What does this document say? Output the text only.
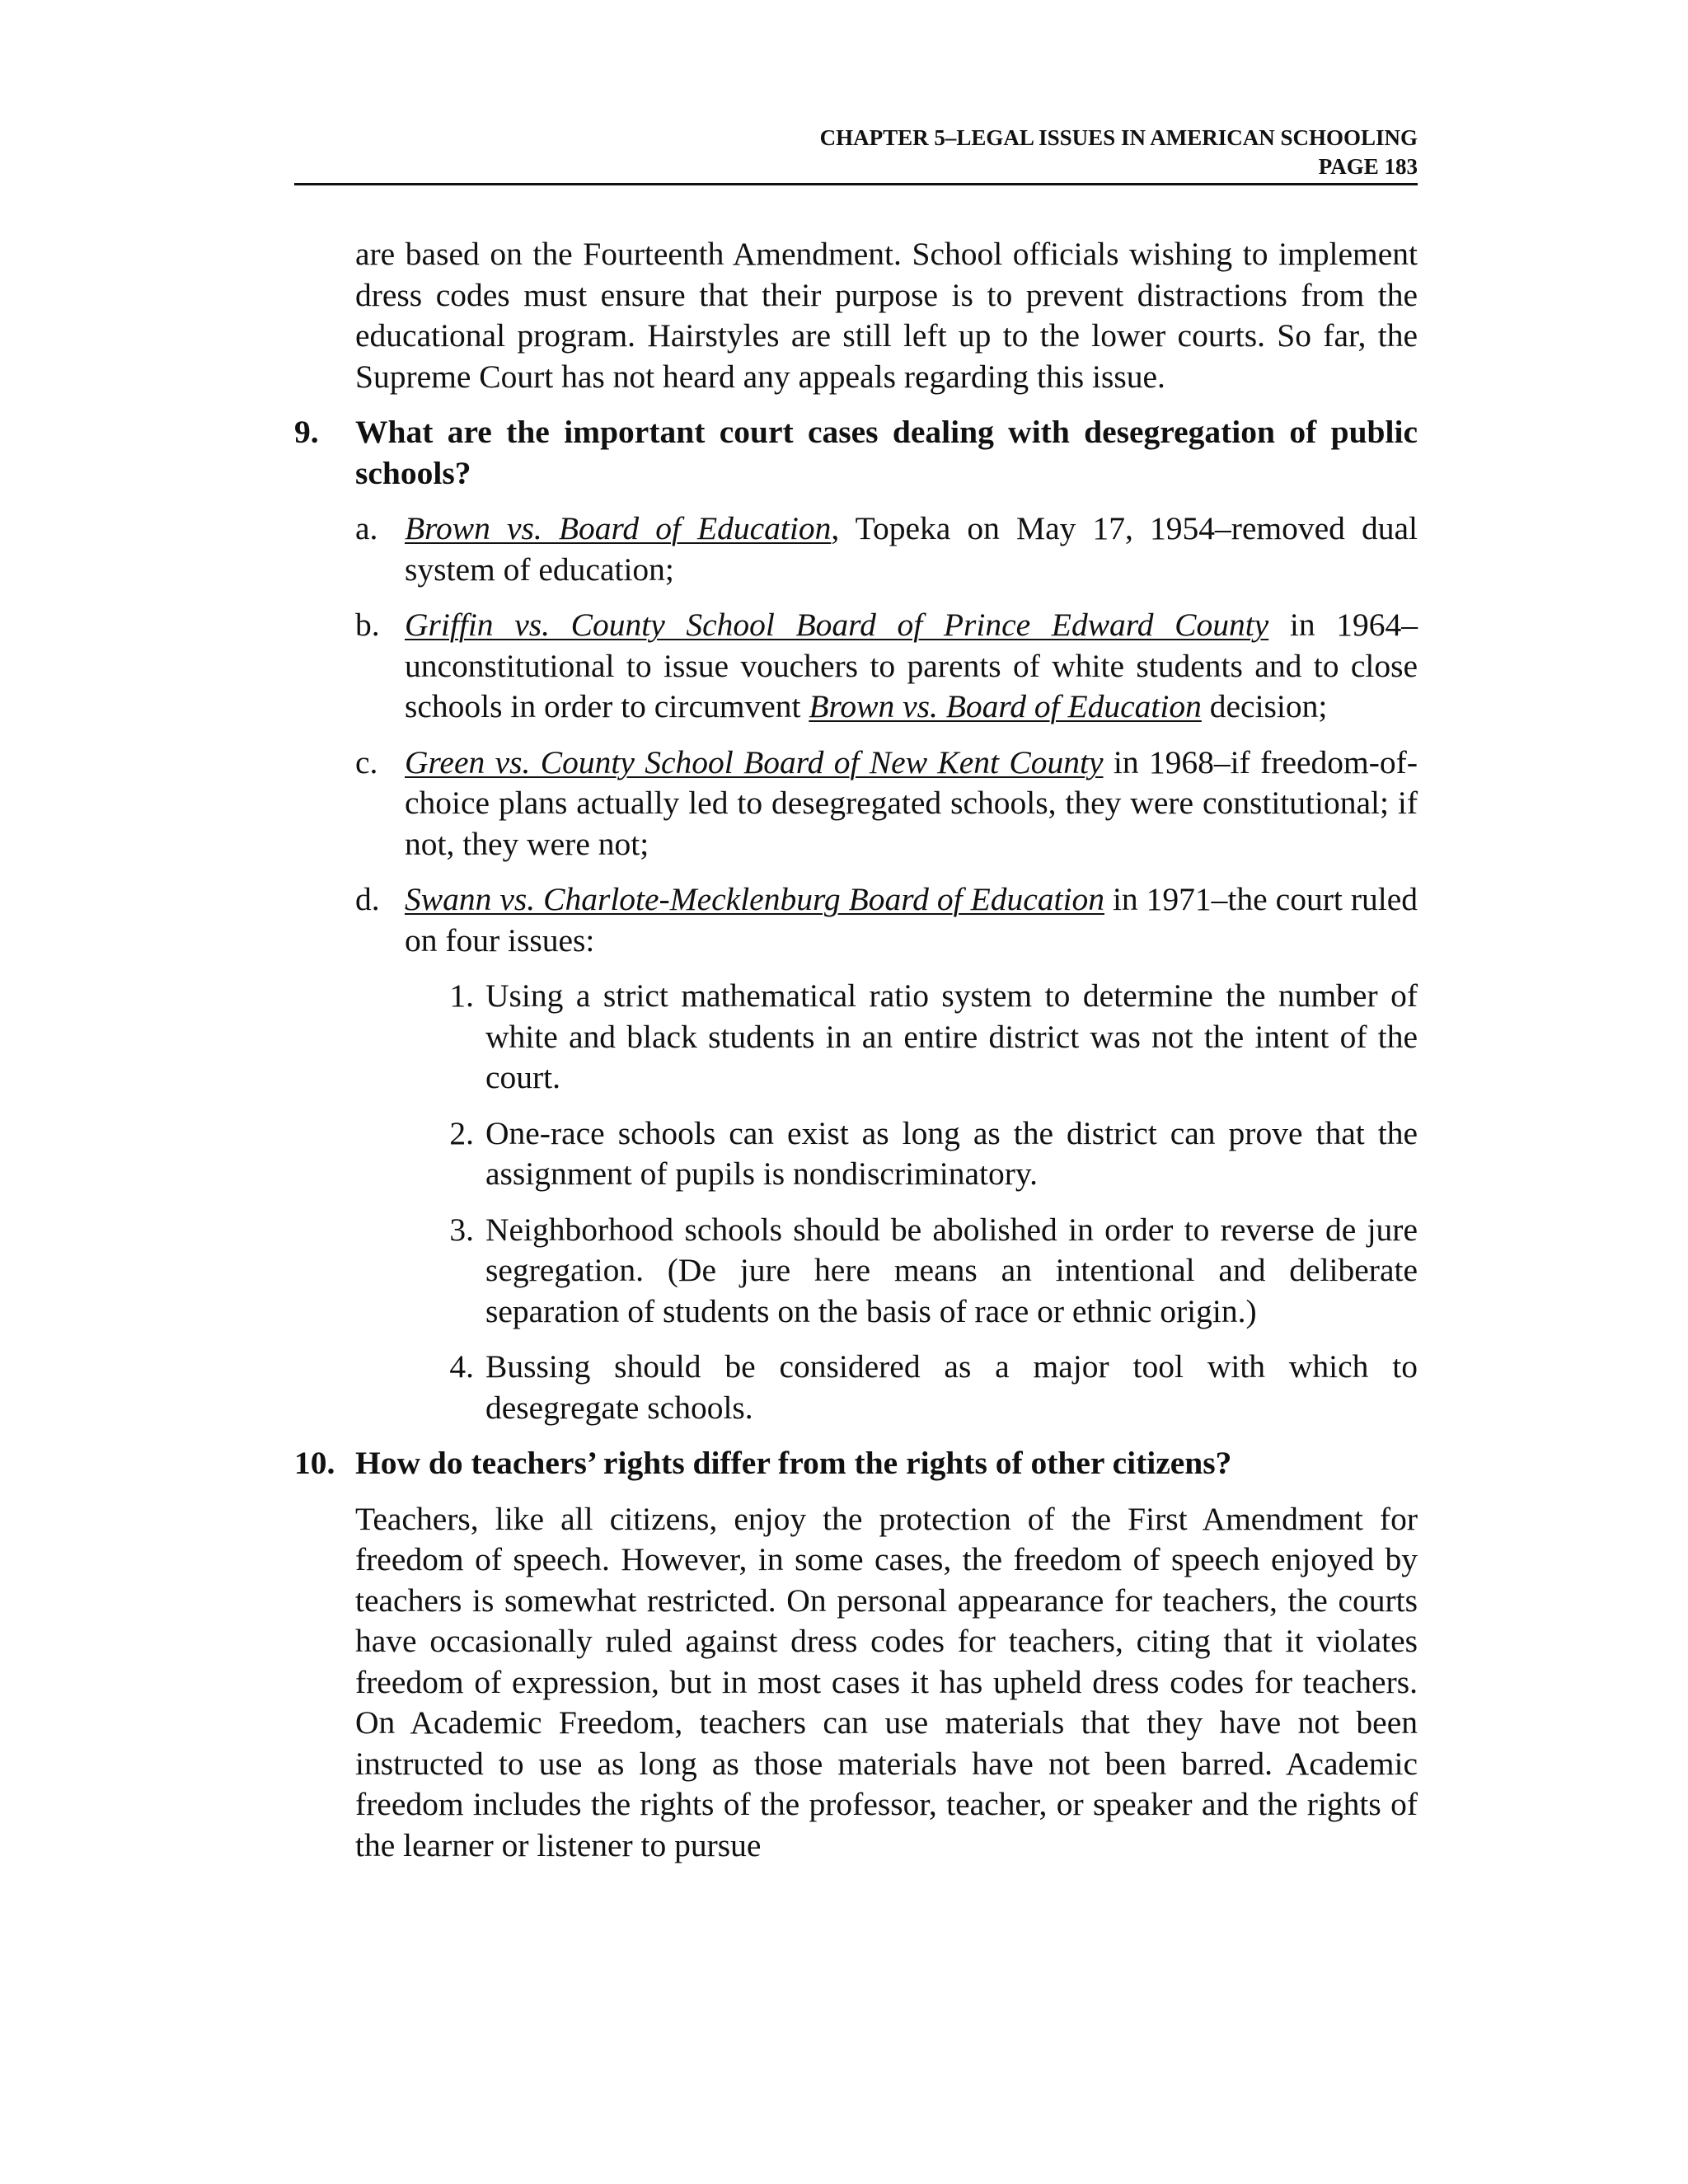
CHAPTER 5–LEGAL ISSUES IN AMERICAN SCHOOLING
PAGE 183
are based on the Fourteenth Amendment. School officials wishing to implement dress codes must ensure that their purpose is to prevent distractions from the educational program. Hairstyles are still left up to the lower courts. So far, the Supreme Court has not heard any appeals regarding this issue.
9.	What are the important court cases dealing with desegregation of public schools?
a. Brown vs. Board of Education, Topeka on May 17, 1954–removed dual system of education;
b. Griffin vs. County School Board of Prince Edward County in 1964–unconstitutional to issue vouchers to parents of white students and to close schools in order to circumvent Brown vs. Board of Education decision;
c. Green vs. County School Board of New Kent County in 1968–if freedom-of-choice plans actually led to desegregated schools, they were constitutional; if not, they were not;
d. Swann vs. Charlote-Mecklenburg Board of Education in 1971–the court ruled on four issues:
1. Using a strict mathematical ratio system to determine the number of white and black students in an entire district was not the intent of the court.
2. One-race schools can exist as long as the district can prove that the assignment of pupils is nondiscriminatory.
3. Neighborhood schools should be abolished in order to reverse de jure segregation. (De jure here means an intentional and deliberate separation of students on the basis of race or ethnic origin.)
4. Bussing should be considered as a major tool with which to desegregate schools.
10. How do teachers’ rights differ from the rights of other citizens?
Teachers, like all citizens, enjoy the protection of the First Amendment for freedom of speech. However, in some cases, the freedom of speech enjoyed by teachers is somewhat restricted. On personal appearance for teachers, the courts have occasionally ruled against dress codes for teachers, citing that it violates freedom of expression, but in most cases it has upheld dress codes for teachers. On Academic Freedom, teachers can use materials that they have not been instructed to use as long as those materials have not been barred. Academic freedom includes the rights of the professor, teacher, or speaker and the rights of the learner or listener to pursue
